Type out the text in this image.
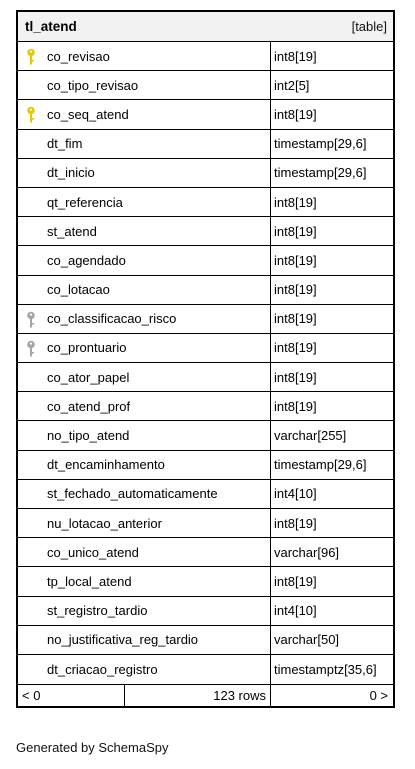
tl_atend	[table]
co_revisao	int8[19]
co_tipo_revisao	int2[5]
co_seq_atend	int8[19]
dt_fim	timestamp[29,6]
dt_inicio	timestamp[29,6]
qt_referencia	int8[19]
st_atend	int8[19]
co_agendado	int8[19]
co_lotacao	int8[19]
co_classificacao_risco	int8[19]
co_prontuario	int8[19]
co_ator_papel	int8[19]
co_atend_prof	int8[19]
no_tipo_atend	varchar[255]
dt_encaminhamento	timestamp[29,6]
st_fechado_automaticamente	int4[10]
nu_lotacao_anterior	int8[19]
co_unico_atend	varchar[96]
tp_local_atend	int8[19]
st_registro_tardio	int4[10]
no_justificativa_reg_tardio	varchar[50]
dt_criacao_registro	timestamptz[35,6]
< 0	123 rows	0 >
Generated by SchemaSpy
